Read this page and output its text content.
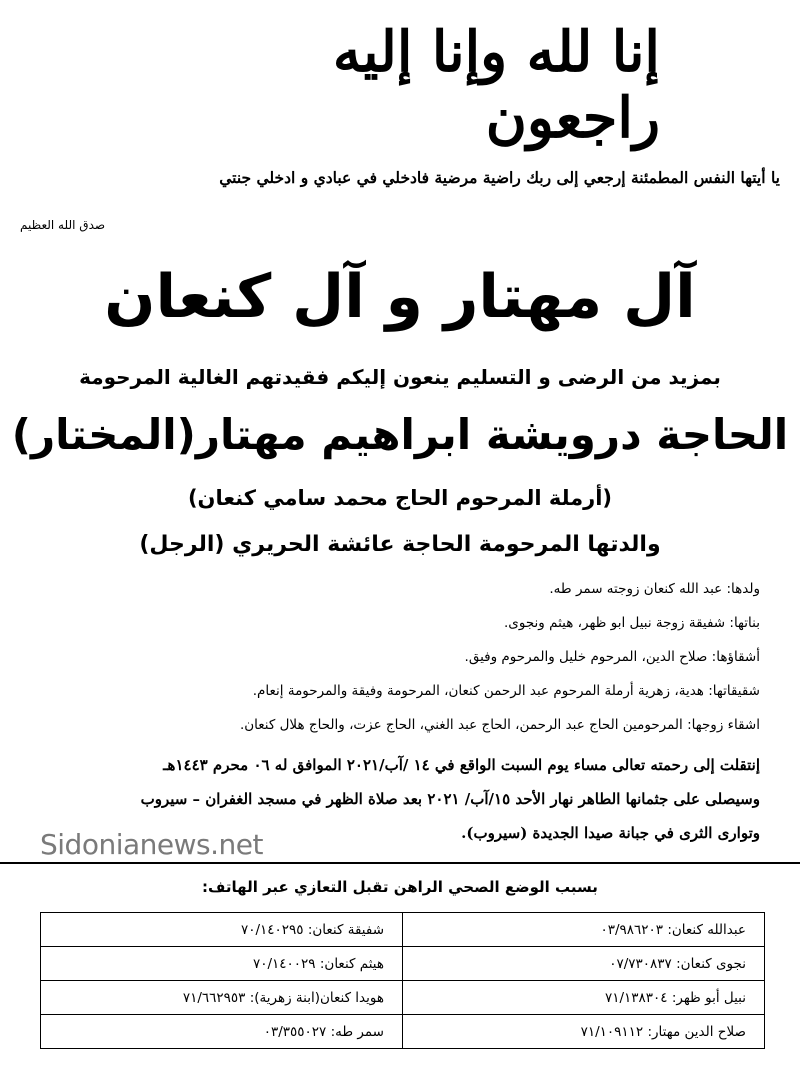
إنا لله وإنا إليه راجعون
يا أيتها النفس المطمئنة إرجعي إلى ربك راضية مرضية فادخلي في عبادي و ادخلي جنتي
صدق الله العظيم
آل مهتار و آل كنعان
بمزيد من الرضى و التسليم ينعون إليكم فقيدتهم الغالية المرحومة
الحاجة درويشة ابراهيم مهتار(المختار)
(أرملة المرحوم الحاج محمد سامي كنعان)
والدتها المرحومة الحاجة عائشة الحريري (الرجل)
ولدها: عبد الله كنعان زوجته سمر طه.
بناتها: شفيقة زوجة نبيل ابو ظهر، هيثم ونجوى.
أشقاؤها: صلاح الدين، المرحوم خليل والمرحوم وفيق.
شقيقاتها: هدية، زهرية أرملة المرحوم عبد الرحمن كنعان، المرحومة وفيقة والمرحومة إنعام.
اشقاء زوجها: المرحومين الحاج عبد الرحمن، الحاج عبد الغني، الحاج عزت، والحاج هلال كنعان.
إنتقلت إلى رحمته تعالى مساء يوم السبت الواقع في ١٤ /آب/٢٠٢١ الموافق له ٠٦ محرم ١٤٤٣هـ
وسيصلى على جثمانها الطاهر نهار الأحد ١٥/آب/ ٢٠٢١ بعد صلاة الظهر في مسجد الغفران – سيروب
وتوارى الثرى في جبانة صيدا الجديدة (سيروب).
Sidonianews.net
بسبب الوضع الصحي الراهن تقبل التعازي عبر الهاتف:
عبدالله كنعان: ٠٣/٩٨٦٢٠٣	شفيقة كنعان: ٧٠/١٤٠٢٩٥
نجوى كنعان: ٠٧/٧٣٠٨٣٧	هيثم كنعان: ٧٠/١٤٠٠٢٩
نبيل أبو ظهر: ٧١/١٣٨٣٠٤	هويدا كنعان(ابنة زهرية): ٧١/٦٦٢٩٥٣
صلاح الدين مهتار: ٧١/١٠٩١١٢	سمر طه: ٠٣/٣٥٥٠٢٧
